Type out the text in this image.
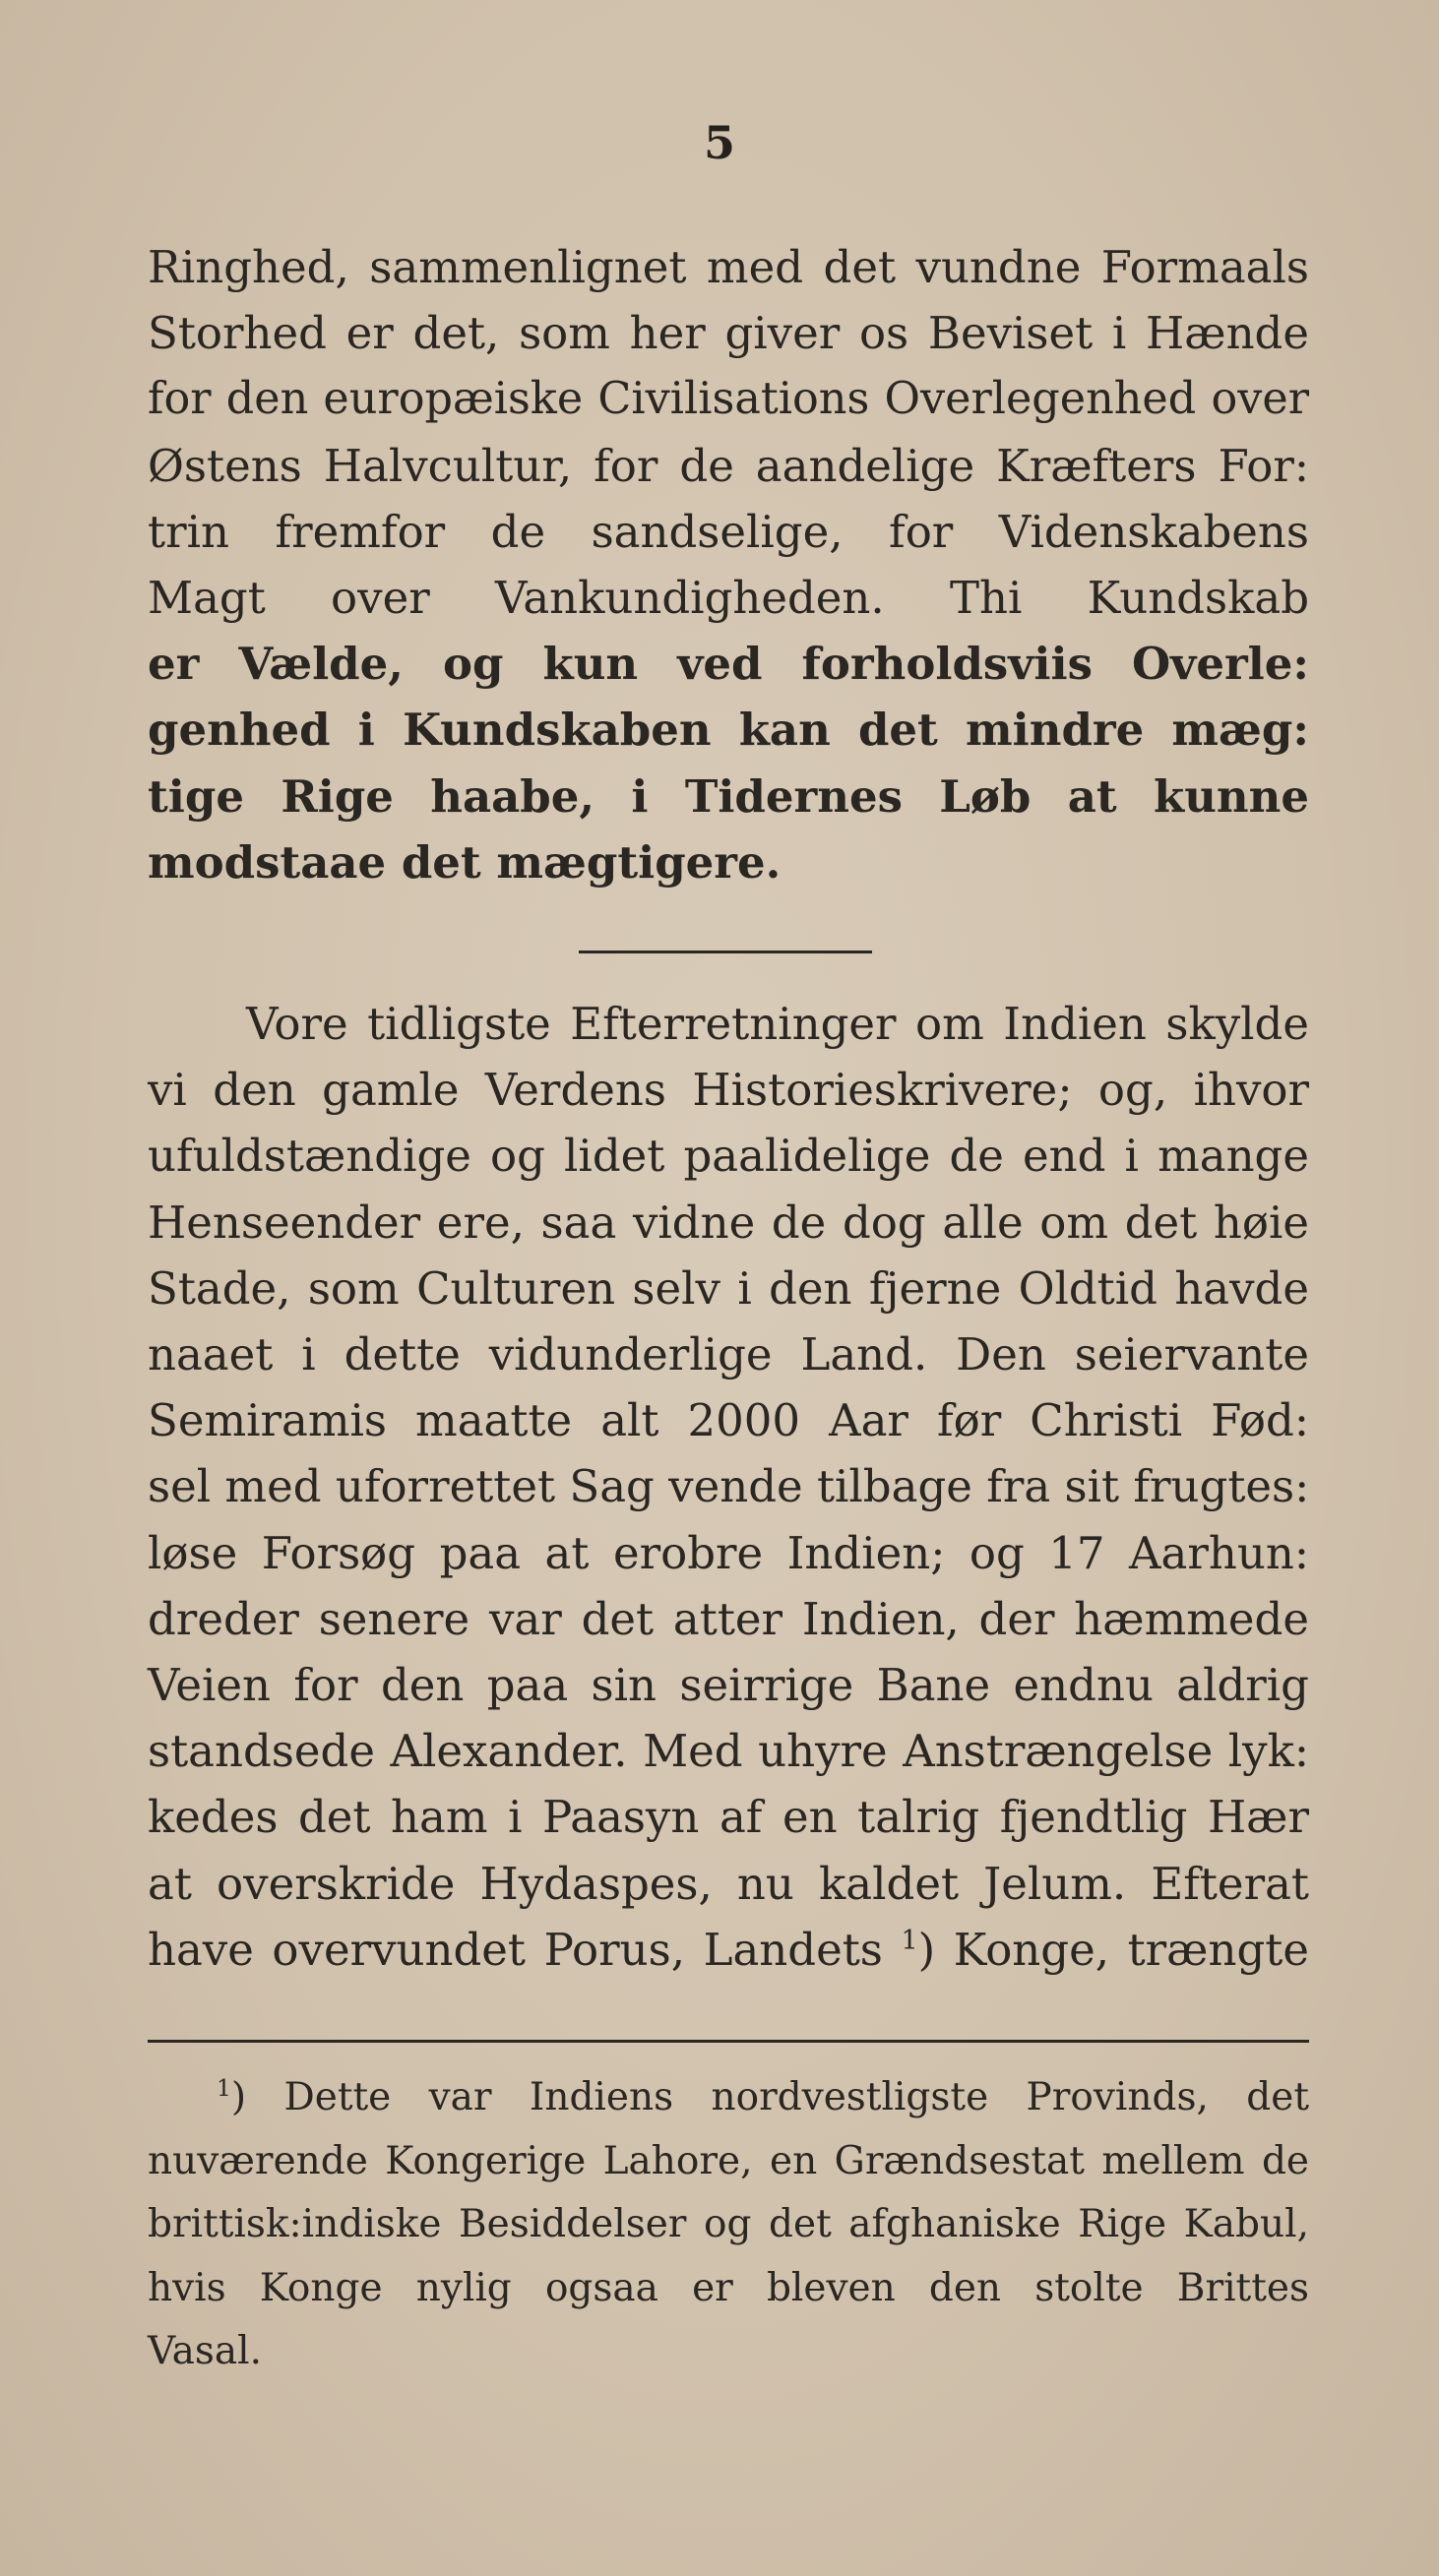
5
Ringhed, sammenlignet med det vundne Formaals
Storhed er det, som her giver os Beviset i Hænde
for den europæiske Civilisations Overlegenhed over
Østens Halvcultur, for de aandelige Kræfters For:
trin fremfor de sandselige, for Videnskabens
Magt over Vankundigheden. Thi Kundskab
er Vælde, og kun ved forholdsviis Overle:
genhed i Kundskaben kan det mindre mæg:
tige Rige haabe, i Tidernes Løb at kunne
modstaae det mægtigere.
Vore tidligste Efterretninger om Indien skylde
vi den gamle Verdens Historieskrivere; og, ihvor
ufuldstændige og lidet paalidelige de end i mange
Henseender ere, saa vidne de dog alle om det høie
Stade, som Culturen selv i den fjerne Oldtid havde
naaet i dette vidunderlige Land. Den seiervante
Semiramis maatte alt 2000 Aar før Christi Fød:
sel med uforrettet Sag vende tilbage fra sit frugtes:
løse Forsøg paa at erobre Indien; og 17 Aarhun:
dreder senere var det atter Indien, der hæmmede
Veien for den paa sin seirrige Bane endnu aldrig
standsede Alexander. Med uhyre Anstrængelse lyk:
kedes det ham i Paasyn af en talrig fjendtlig Hær
at overskride Hydaspes, nu kaldet Jelum. Efterat
have overvundet Porus, Landets $^1$) Konge, trængte
$^1$) Dette var Indiens nordvestligste Provinds, det
nuværende Kongerige Lahore, en Grændsestat mellem de
brittisk:indiske Besiddelser og det afghaniske Rige Kabul,
hvis Konge nylig ogsaa er bleven den stolte Brittes
Vasal.
